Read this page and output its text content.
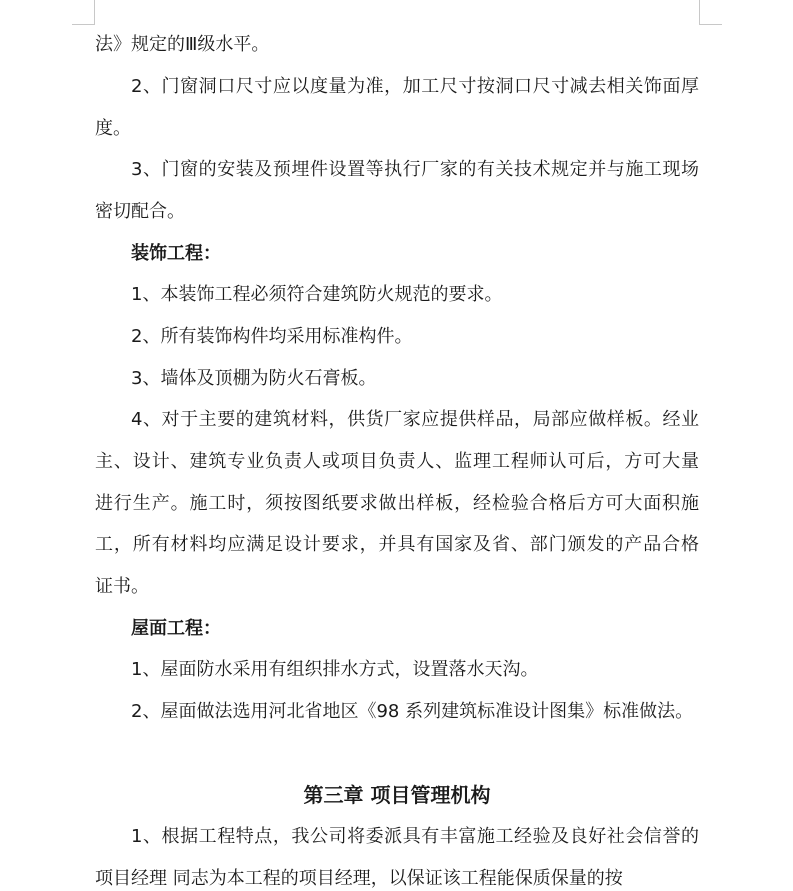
法》规定的Ⅲ级水平。
2、门窗洞口尺寸应以度量为准，加工尺寸按洞口尺寸减去相关饰面厚
度。
3、门窗的安装及预埋件设置等执行厂家的有关技术规定并与施工现场
密切配合。
装饰工程：
1、本装饰工程必须符合建筑防火规范的要求。
2、所有装饰构件均采用标准构件。
3、墙体及顶棚为防火石膏板。
4、对于主要的建筑材料，供货厂家应提供样品，局部应做样板。经业
主、设计、建筑专业负责人或项目负责人、监理工程师认可后，方可大量
进行生产。施工时，须按图纸要求做出样板，经检验合格后方可大面积施
工，所有材料均应满足设计要求，并具有国家及省、部门颁发的产品合格
证书。
屋面工程：
1、屋面防水采用有组织排水方式，设置落水天沟。
2、屋面做法选用河北省地区《98 系列建筑标准设计图集》标准做法。
第三章 项目管理机构
1、根据工程特点，我公司将委派具有丰富施工经验及良好社会信誉的
项目经理 同志为本工程的项目经理，以保证该工程能保质保量的按
